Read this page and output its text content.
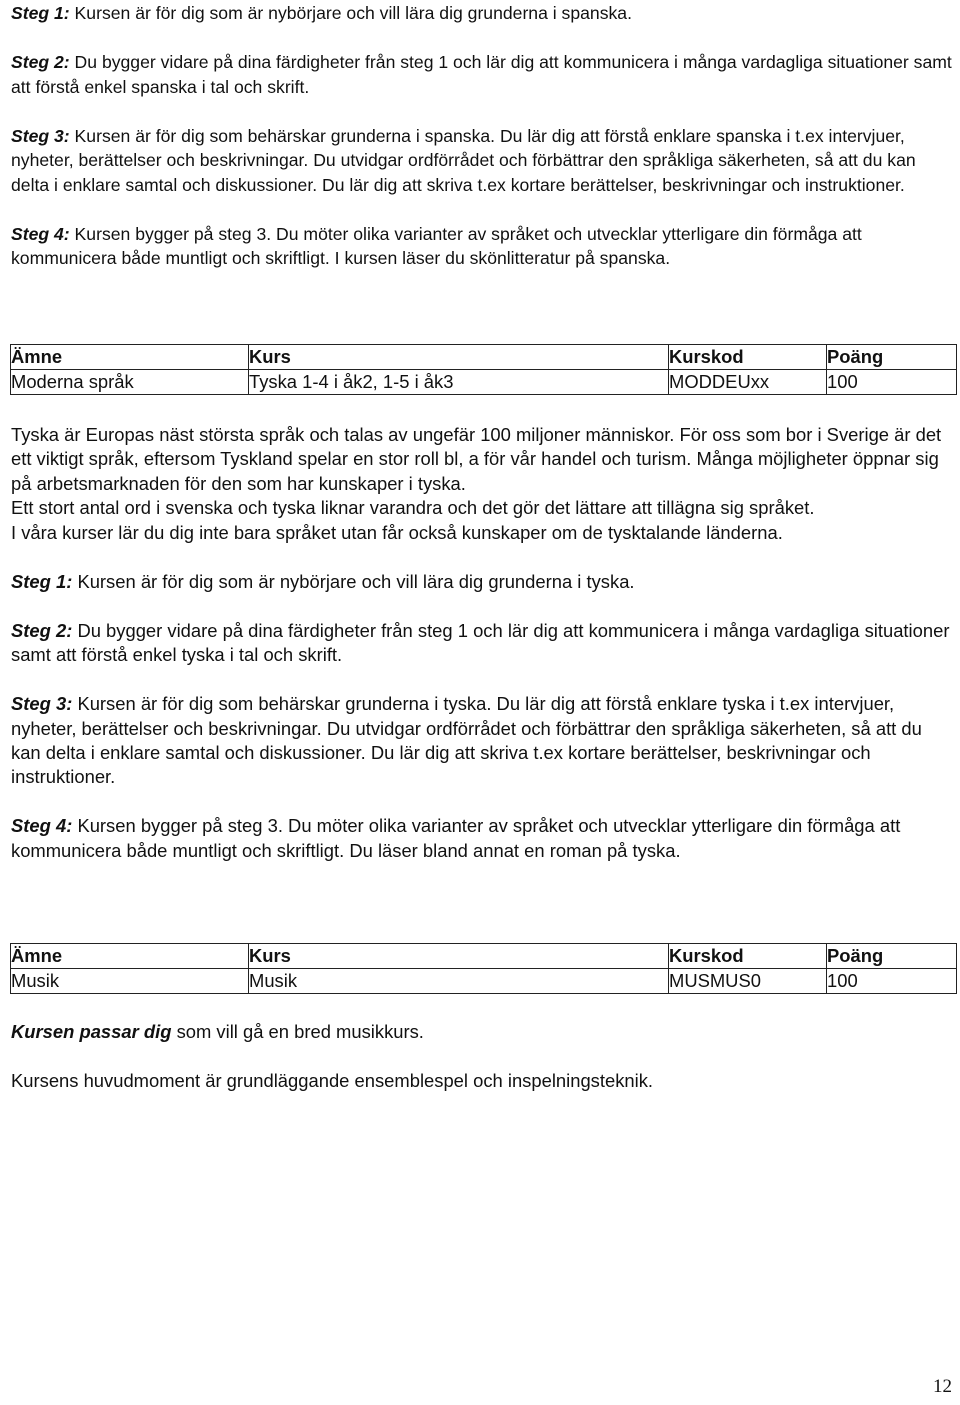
Steg 1: Kursen är för dig som är nybörjare och vill lära dig grunderna i spanska.

Steg 2: Du bygger vidare på dina färdigheter från steg 1 och lär dig att kommunicera i många vardagliga situationer samt att förstå enkel spanska i tal och skrift.

Steg 3: Kursen är för dig som behärskar grunderna i spanska. Du lär dig att förstå enklare spanska i t.ex intervjuer, nyheter, berättelser och beskrivningar. Du utvidgar ordförrådet och förbättrar den språkliga säkerheten, så att du kan delta i enklare samtal och diskussioner. Du lär dig att skriva t.ex kortare berättelser, beskrivningar och instruktioner.

Steg 4: Kursen bygger på steg 3. Du möter olika varianter av språket och utvecklar ytterligare din förmåga att kommunicera både muntligt och skriftligt. I kursen läser du skönlitteratur på spanska.

Ämne	Kurs	Kurskod	Poäng
Moderna språk	Tyska 1-4 i åk2, 1-5 i åk3	MODDEUxx	100

Tyska är Europas näst största språk och talas av ungefär 100 miljoner människor. För oss som bor i Sverige är det ett viktigt språk, eftersom Tyskland spelar en stor roll bl, a för vår handel och turism. Många möjligheter öppnar sig på arbetsmarknaden för den som har kunskaper i tyska.

Ett stort antal ord i svenska och tyska liknar varandra och det gör det lättare att tillägna sig språket.

I våra kurser lär du dig inte bara språket utan får också kunskaper om de tysktalande länderna.

Steg 1: Kursen är för dig som är nybörjare och vill lära dig grunderna i tyska.

Steg 2: Du bygger vidare på dina färdigheter från steg 1 och lär dig att kommunicera i många vardagliga situationer samt att förstå enkel tyska i tal och skrift.

Steg 3: Kursen är för dig som behärskar grunderna i tyska. Du lär dig att förstå enklare tyska i t.ex intervjuer, nyheter, berättelser och beskrivningar. Du utvidgar ordförrådet och förbättrar den språkliga säkerheten, så att du kan delta i enklare samtal och diskussioner. Du lär dig att skriva t.ex kortare berättelser, beskrivningar och instruktioner.

Steg 4: Kursen bygger på steg 3. Du möter olika varianter av språket och utvecklar ytterligare din förmåga att kommunicera både muntligt och skriftligt. Du läser bland annat en roman på tyska.

Ämne	Kurs	Kurskod	Poäng
Musik	Musik	MUSMUS0	100

Kursen passar dig som vill gå en bred musikkurs.

Kursens huvudmoment är grundläggande ensemblespel och inspelningsteknik.

12
